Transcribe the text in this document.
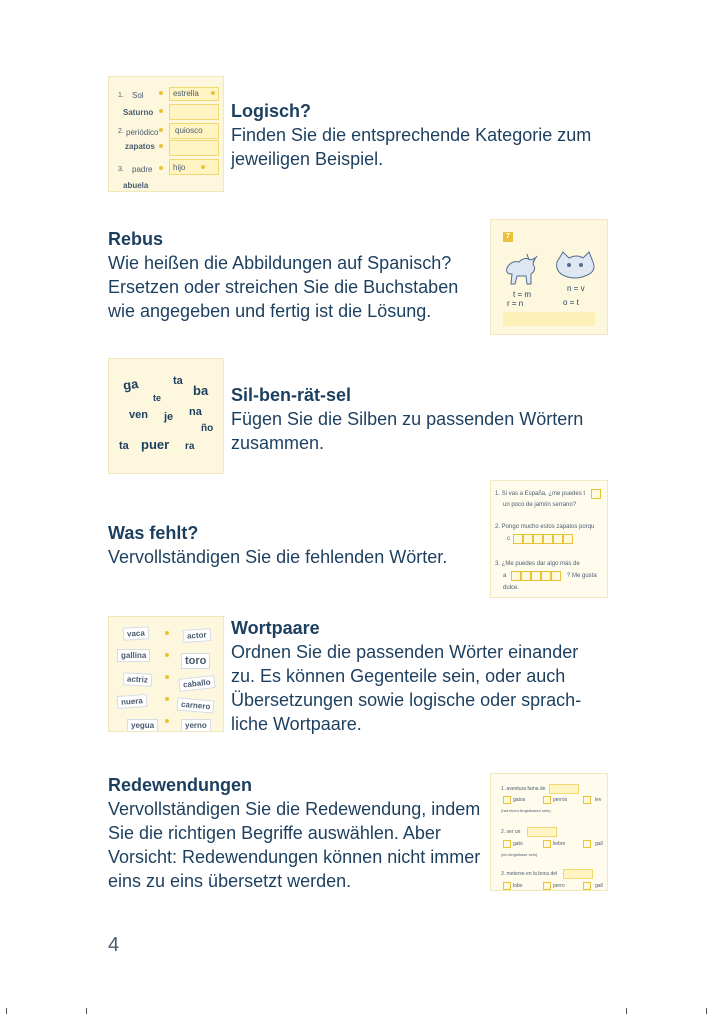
1. Sol	estrella
Saturno
2. periódico quiosco
zapatos
3. padre	hijo
abuela
Logisch?
Finden Sie die entsprechende Kategorie zum
jeweiligen Beispiel.
Rebus
Wie heißen die Abbildungen auf Spanisch?
Ersetzen oder streichen Sie die Buchstaben
wie angegeben und fertig ist die Lösung.
7
t = m
r = n
n = v
o = t
ga	ta
ba
te
ven je na
ño
ta puer ra
Sil-ben-rät-sel
Fügen Sie die Silben zu passenden Wörtern
zusammen.
Was fehlt?
Vervollständigen Sie die fehlenden Wörter.
1. Si vas a España, ¿me puedes t
un poco de jamón serrano?
2. Pongo mucho estos zapatos porqu
c
3. ¿Me puedes dar algo más de
a	? Me gusta
dulce.
vaca
gallina
actriz
nuera
yegua
actor
toro
caballo
carnero
yerno
Wortpaare
Ordnen Sie die passenden Wörter einander
zu. Es können Gegenteile sein, oder auch
Übersetzungen sowie logische oder sprach-
liche Wortpaare.
Redewendungen
Vervollständigen Sie die Redewendung, indem
Sie die richtigen Begriffe auswählen. Aber
Vorsicht: Redewendungen können nicht immer
eins zu eins übersetzt werden.
1. aventura fama de
gatos	perros	lev
(hat einen Angsthasen sein)
2. ser un
gato	liebre	gall
(ein Angsthase sein)
3. meterse en la boca del
lobo	perro	gall
4
